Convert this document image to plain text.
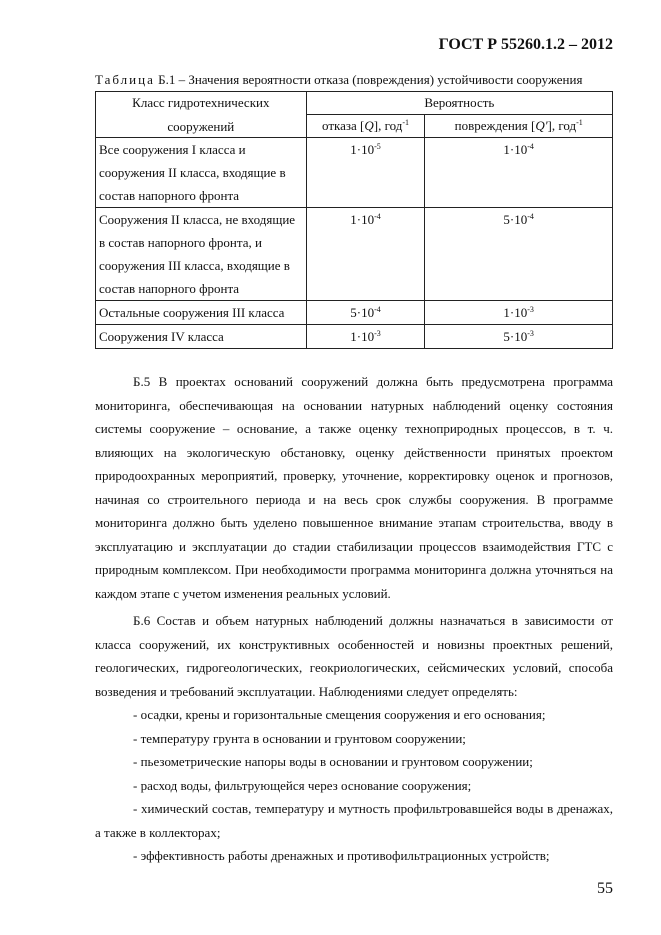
ГОСТ Р 55260.1.2 – 2012
Таблица Б.1 – Значения вероятности отказа (повреждения) устойчивости сооружения
Класс гидротехнических
сооружений	Вероятность	
	отказа [Q], год$^{-1}$	повреждения [Q'], год$^{-1}$

Все сооружения I класса и
сооружения II класса, входящие в
состав напорного фронта	$1\cdot 10^{-5}$	$1\cdot 10^{-4}$

Сооружения II класса, не входящие
в состав напорного фронта, и
сооружения III класса, входящие в
состав напорного фронта	$1\cdot 10^{-4}$	$5\cdot 10^{-4}$

Остальные сооружения III класса	$5\cdot 10^{-4}$	$1\cdot 10^{-3}$

Сооружения IV класса	$1\cdot 10^{-3}$	$5\cdot 10^{-3}$

Б.5 В проектах оснований сооружений должна быть предусмотрена программа мониторинга, обеспечивающая на основании натурных наблюдений оценку состояния системы сооружение – основание, а также оценку техноприродных процессов, в т. ч. влияющих на экологическую обстановку, оценку действенности принятых проектом природоохранных мероприятий, проверку, уточнение, корректировку оценок и прогнозов, начиная со строительного периода и на весь срок службы сооружения. В программе мониторинга должно быть уделено повышенное внимание этапам строительства, вводу в эксплуатацию и эксплуатации до стадии стабилизации процессов взаимодействия ГТС с природным комплексом. При необходимости программа мониторинга должна уточняться на каждом этапе с учетом изменения реальных условий.

Б.6 Состав и объем натурных наблюдений должны назначаться в зависимости от класса сооружений, их конструктивных особенностей и новизны проектных решений, геологических, гидрогеологических, геокриологических, сейсмических условий, способа возведения и требований эксплуатации. Наблюдениями следует определять:

- осадки, крены и горизонтальные смещения сооружения и его основания;

- температуру грунта в основании и грунтовом сооружении;

- пьезометрические напоры воды в основании и грунтовом сооружении;

- расход воды, фильтрующейся через основание сооружения;

- химический состав, температуру и мутность профильтровавшейся воды в дренажах, а также в коллекторах;

- эффективность работы дренажных и противофильтрационных устройств;

55
